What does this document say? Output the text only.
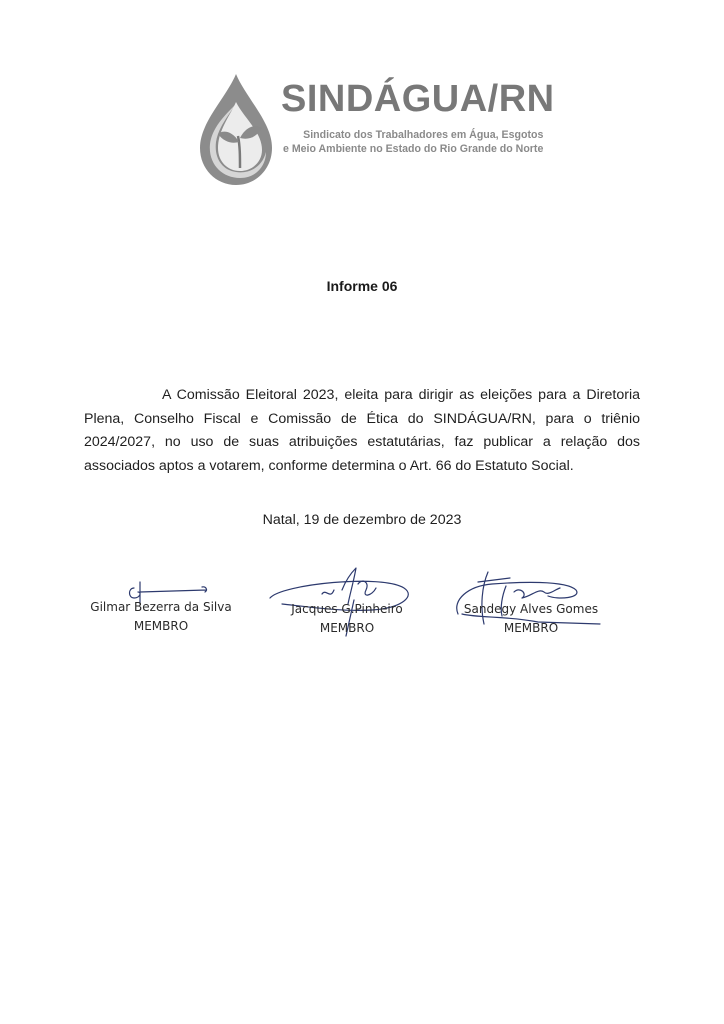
SINDÁGUA/RN
Sindicato dos Trabalhadores em Água, Esgotos
e Meio Ambiente no Estado do Rio Grande do Norte
Informe 06

A Comissão Eleitoral 2023, eleita para dirigir as eleições para a Diretoria Plena, Conselho Fiscal e Comissão de Ética do SINDÁGUA/RN, para o triênio 2024/2027, no uso de suas atribuições estatutárias, faz publicar a relação dos associados aptos a votarem, conforme determina o Art. 66 do Estatuto Social.

Natal, 19 de dezembro de 2023
Gilmar Bezerra da Silva
MEMBRO
Jacques G.Pinheiro
MEMBRO
Sandegy Alves Gomes
MEMBRO
